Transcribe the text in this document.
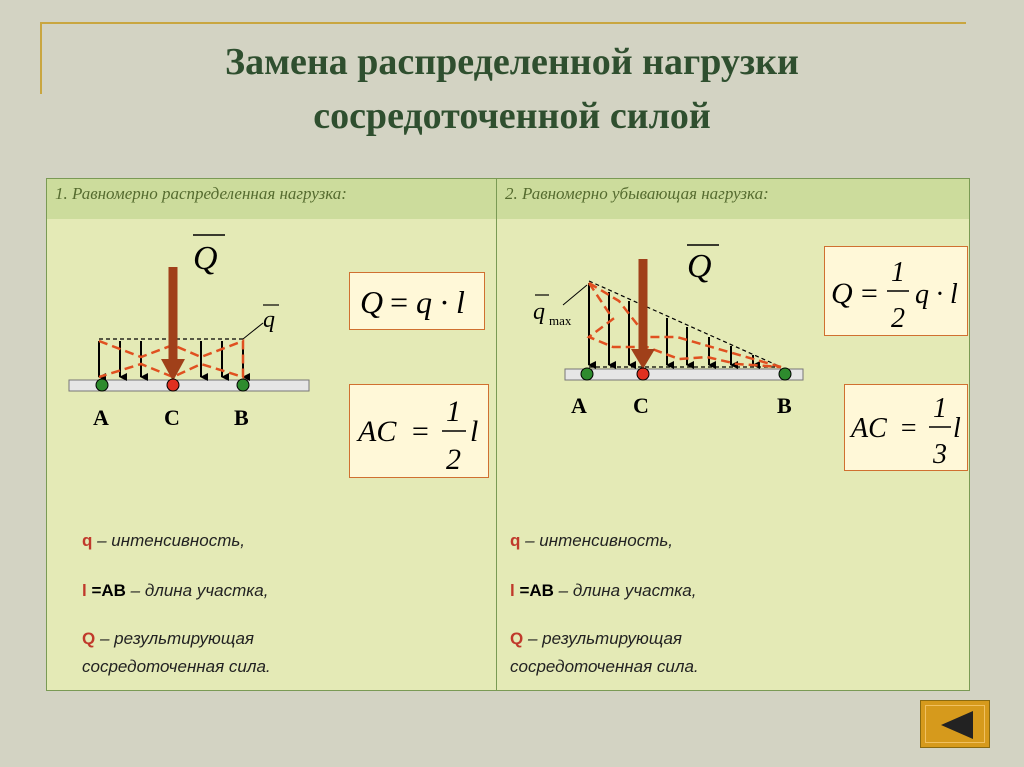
Замена распределенной нагрузки
сосредоточенной силой
1. Равномерно распределенная нагрузка:
Q
q
A	C B
Q = q · l
AC =
1
2
l
q – интенсивность,
l =AB – длина участка,
Q – результирующая
сосредоточенная сила.
2. Равномерно убывающая нагрузка:
Q
q max
A C	B
Q =
1
2
q · l
AC =
1
3
l
q – интенсивность,
l =AB – длина участка,
Q – результирующая
сосредоточенная сила.
